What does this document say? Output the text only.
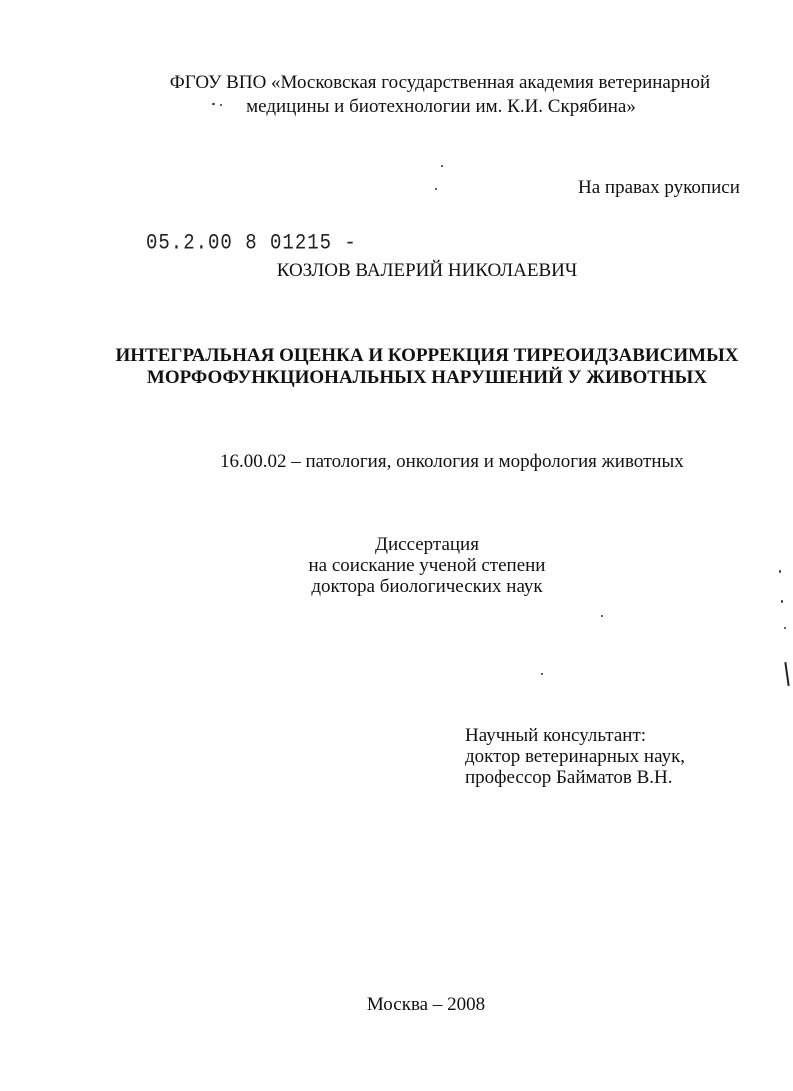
ФГОУ ВПО «Московская государственная академия ветеринарной
медицины и биотехнологии им. К.И. Скрябина»
На правах рукописи
05.2.00 8 01215 -
КОЗЛОВ ВАЛЕРИЙ НИКОЛАЕВИЧ
ИНТЕГРАЛЬНАЯ ОЦЕНКА И КОРРЕКЦИЯ ТИРЕОИДЗАВИСИМЫХ
МОРФОФУНКЦИОНАЛЬНЫХ НАРУШЕНИЙ У ЖИВОТНЫХ
16.00.02 – патология, онкология и морфология животных
Диссертация
на соискание ученой степени
доктора биологических наук
Научный консультант:
доктор ветеринарных наук,
профессор Байматов В.Н.
Москва – 2008
